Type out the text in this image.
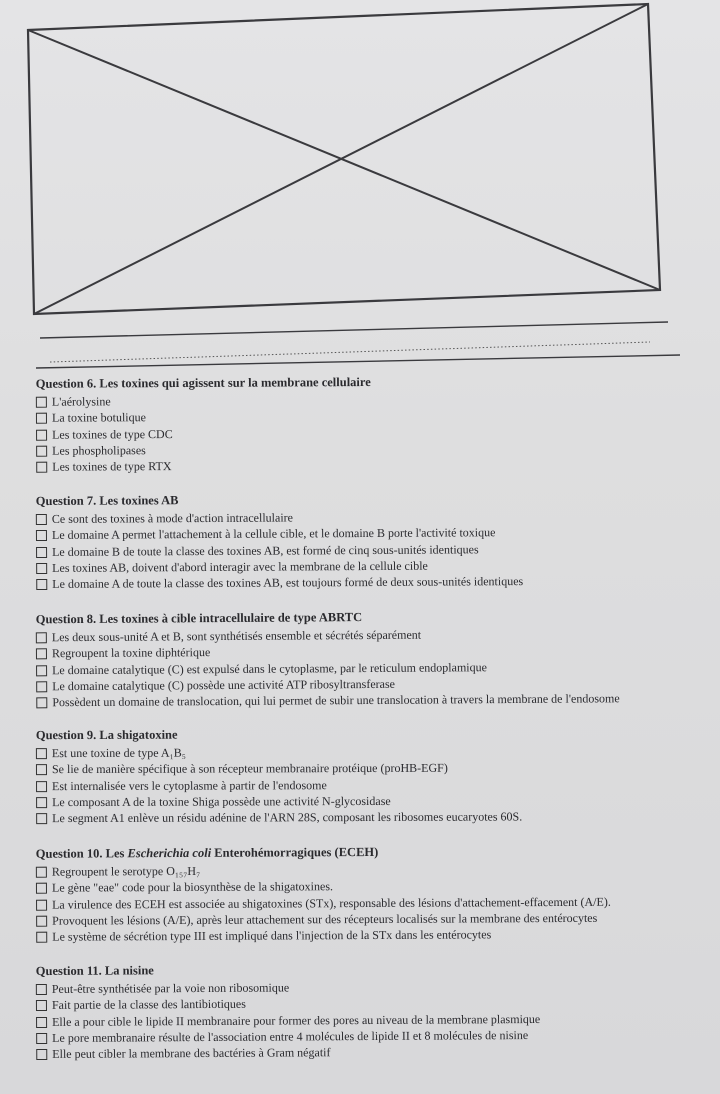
Question 6. Les toxines qui agissent sur la membrane cellulaire
L'aérolysine
La toxine botulique
Les toxines de type CDC
Les phospholipases
Les toxines de type RTX
Question 7. Les toxines AB
Ce sont des toxines à mode d'action intracellulaire
Le domaine A permet l'attachement à la cellule cible, et le domaine B porte l'activité toxique
Le domaine B de toute la classe des toxines AB, est formé de cinq sous-unités identiques
Les toxines AB, doivent d'abord interagir avec la membrane de la cellule cible
Le domaine A de toute la classe des toxines AB, est toujours formé de deux sous-unités identiques
Question 8. Les toxines à cible intracellulaire de type ABRTC
Les deux sous-unité A et B, sont synthétisés ensemble et sécrétés séparément
Regroupent la toxine diphtérique
Le domaine catalytique (C) est expulsé dans le cytoplasme, par le reticulum endoplamique
Le domaine catalytique (C) possède une activité ATP ribosyltransferase
Possèdent un domaine de translocation, qui lui permet de subir une translocation à travers la membrane de l'endosome
Question 9. La shigatoxine
Est une toxine de type A₁B₅
Se lie de manière spécifique à son récepteur membranaire protéique (proHB-EGF)
Est internalisée vers le cytoplasme à partir de l'endosome
Le composant A de la toxine Shiga possède une activité N-glycosidase
Le segment A1 enlève un résidu adénine de l'ARN 28S, composant les ribosomes eucaryotes 60S.
Question 10. Les Escherichia coli Enterohémorragiques (ECEH)
Regroupent le serotype O₁₅₇H₇
Le gène "eae" code pour la biosynthèse de la shigatoxines.
La virulence des ECEH est associée au shigatoxines (STx), responsable des lésions d'attachement-effacement (A/E).
Provoquent les lésions (A/E), après leur attachement sur des récepteurs localisés sur la membrane des entérocytes
Le système de sécrétion type III est impliqué dans l'injection de la STx dans les entérocytes
Question 11. La nisine
Peut-être synthétisée par la voie non ribosomique
Fait partie de la classe des lantibiotiques
Elle a pour cible le lipide II membranaire pour former des pores au niveau de la membrane plasmique
Le pore membranaire résulte de l'association entre 4 molécules de lipide II et 8 molécules de nisine
Elle peut cibler la membrane des bactéries à Gram négatif
